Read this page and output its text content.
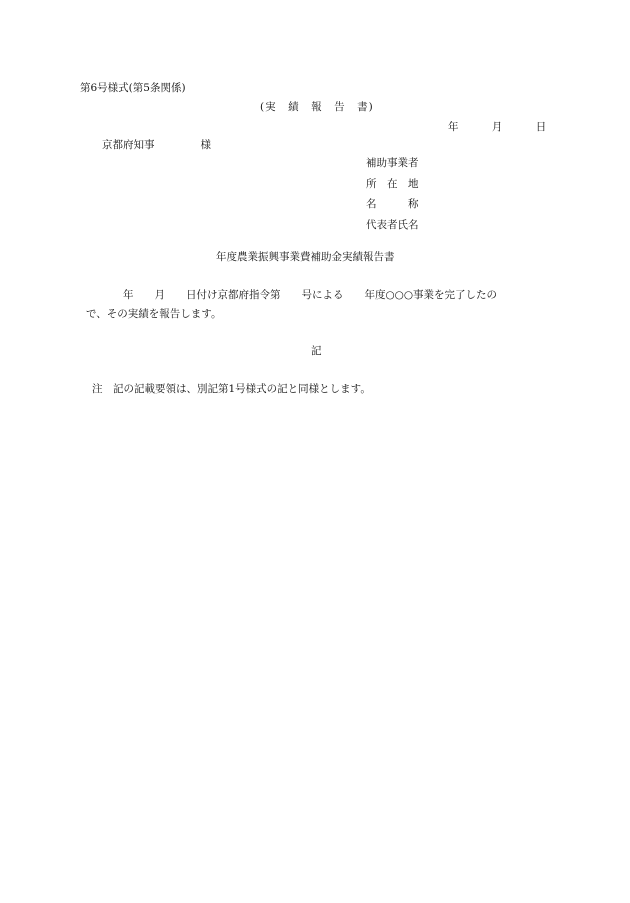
第6号様式(第5条関係)
(実　績　報　告　書)
年	月	日
京都府知事	様
補助事業者
所　在　地
名　　　称
代表者氏名
年度農業振興事業費補助金実績報告書
年　　月　　日付け京都府指令第　　号による　　年度○○○事業を完了したの
で、その実績を報告します。
記
注　記の記載要領は、別記第1号様式の記と同様とします。
